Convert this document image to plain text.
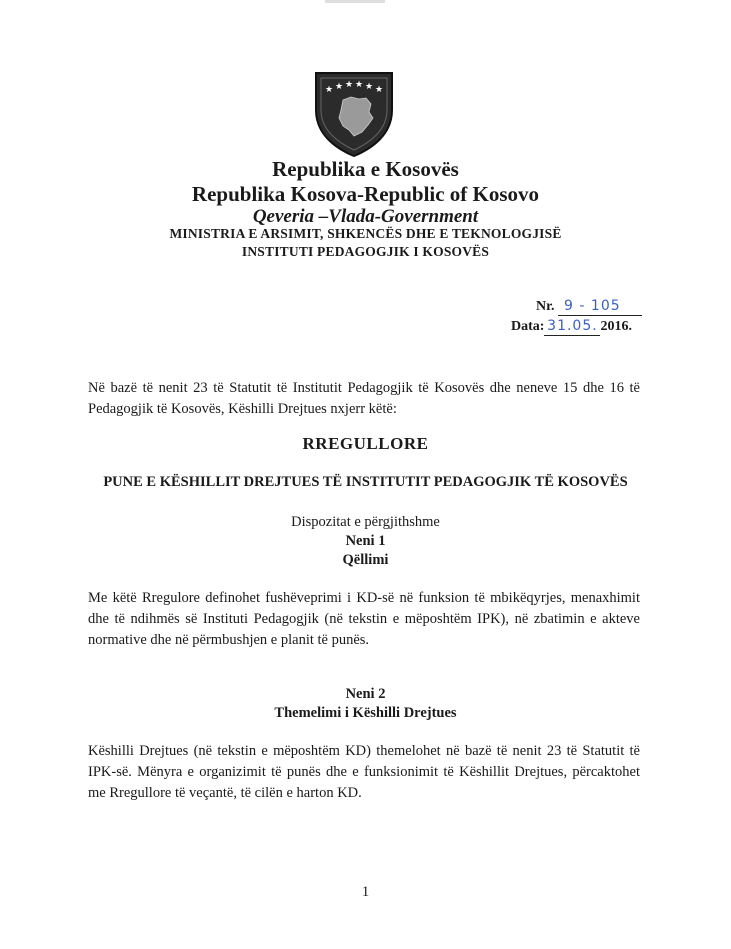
★ ★ ★ ★ ★ ★
Republika e Kosovës
Republika Kosova-Republic of Kosovo
Qeveria –Vlada-Government
MINISTRIA E ARSIMIT, SHKENCËS DHE E TEKNOLOGJISË
INSTITUTI PEDAGOGJIK I KOSOVËS
Nr. 9 - 105
Data: 31.05. 2016.
Në bazë të nenit 23 të Statutit të Institutit Pedagogjik të Kosovës dhe neneve 15 dhe 16 të Pedagogjik të Kosovës, Këshilli Drejtues nxjerr këtë:
RREGULLORE
PUNE E KËSHILLIT DREJTUES TË INSTITUTIT PEDAGOGJIK TË KOSOVËS
Dispozitat e përgjithshme
Neni 1
Qëllimi
Me këtë Rregulore definohet fushëveprimi i KD-së në funksion të mbikëqyrjes, menaxhimit dhe të ndihmës së Instituti Pedagogjik (në tekstin e mëposhtëm IPK), në zbatimin e akteve normative dhe në përmbushjen e planit të punës.
Neni 2
Themelimi i Këshilli Drejtues
Këshilli Drejtues (në tekstin e mëposhtëm KD) themelohet në bazë të nenit 23 të Statutit të IPK-së. Mënyra e organizimit të punës dhe e funksionimit të Këshillit Drejtues, përcaktohet me Rregullore të veçantë, të cilën e harton KD.
1
